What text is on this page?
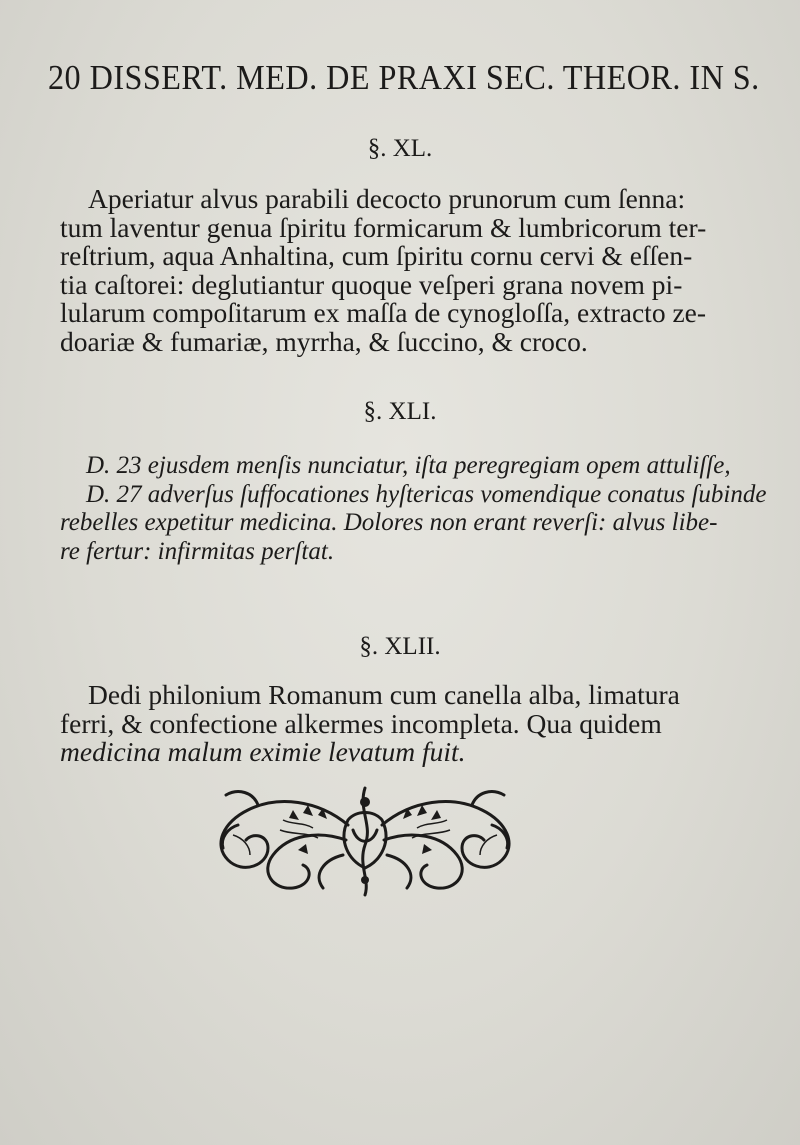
20 DISSERT. MED. DE PRAXI SEC. THEOR. IN S.
§. XL.
Aperiatur alvus parabili decocto prunorum cum ſenna:
tum laventur genua ſpiritu formicarum & lumbricorum ter-
reſtrium, aqua Anhaltina, cum ſpiritu cornu cervi & eſſen-
tia caſtorei: deglutiantur quoque veſperi grana novem pi-
lularum compoſitarum ex maſſa de cynogloſſa, extracto ze-
doariæ & fumariæ, myrrha, & ſuccino, & croco.
§. XLI.
D. 23 ejusdem menſis nunciatur, iſta peregregiam opem attuliſſe,
D. 27 adverſus ſuffocationes hyſtericas vomendique conatus ſubinde
rebelles expetitur medicina. Dolores non erant reverſi: alvus libe-
re fertur: infirmitas perſtat.
§. XLII.
Dedi philonium Romanum cum canella alba, limatura
ferri, & confectione alkermes incompleta. Qua quidem
medicina malum eximie levatum fuit.
